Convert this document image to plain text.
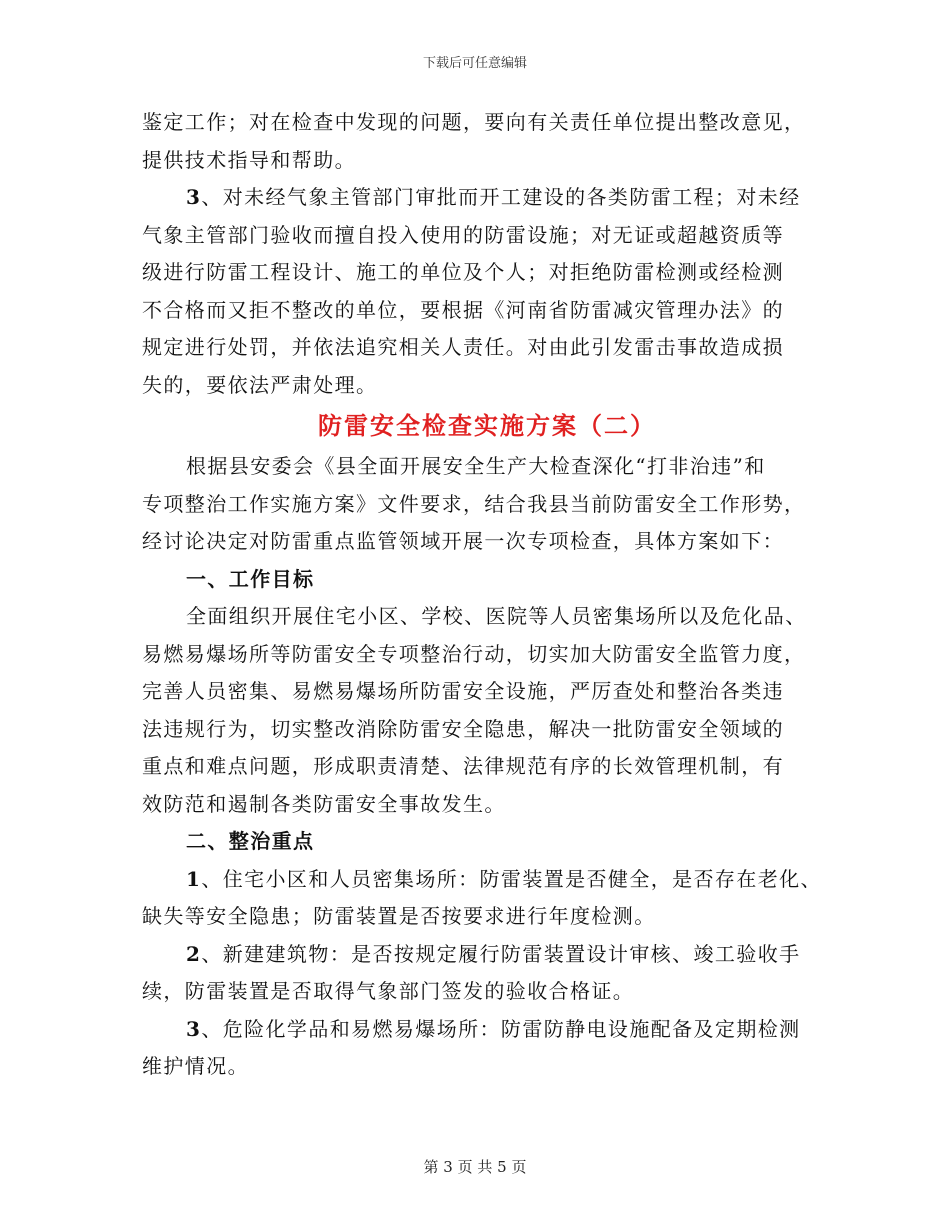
下载后可任意编辑
鉴定工作；对在检查中发现的问题，要向有关责任单位提出整改意见，
提供技术指导和帮助。
3、对未经气象主管部门审批而开工建设的各类防雷工程；对未经
气象主管部门验收而擅自投入使用的防雷设施；对无证或超越资质等
级进行防雷工程设计、施工的单位及个人；对拒绝防雷检测或经检测
不合格而又拒不整改的单位，要根据《河南省防雷减灾管理办法》的
规定进行处罚，并依法追究相关人责任。对由此引发雷击事故造成损
失的，要依法严肃处理。
防雷安全检查实施方案（二）
根据县安委会《县全面开展安全生产大检查深化“打非治违”和
专项整治工作实施方案》文件要求，结合我县当前防雷安全工作形势，
经讨论决定对防雷重点监管领域开展一次专项检查，具体方案如下：
一、工作目标
全面组织开展住宅小区、学校、医院等人员密集场所以及危化品、
易燃易爆场所等防雷安全专项整治行动，切实加大防雷安全监管力度，
完善人员密集、易燃易爆场所防雷安全设施，严厉查处和整治各类违
法违规行为，切实整改消除防雷安全隐患，解决一批防雷安全领域的
重点和难点问题，形成职责清楚、法律规范有序的长效管理机制，有
效防范和遏制各类防雷安全事故发生。
二、整治重点
1、住宅小区和人员密集场所：防雷装置是否健全，是否存在老化、
缺失等安全隐患；防雷装置是否按要求进行年度检测。
2、新建建筑物：是否按规定履行防雷装置设计审核、竣工验收手
续，防雷装置是否取得气象部门签发的验收合格证。
3、危险化学品和易燃易爆场所：防雷防静电设施配备及定期检测
维护情况。
第 3 页 共 5 页
